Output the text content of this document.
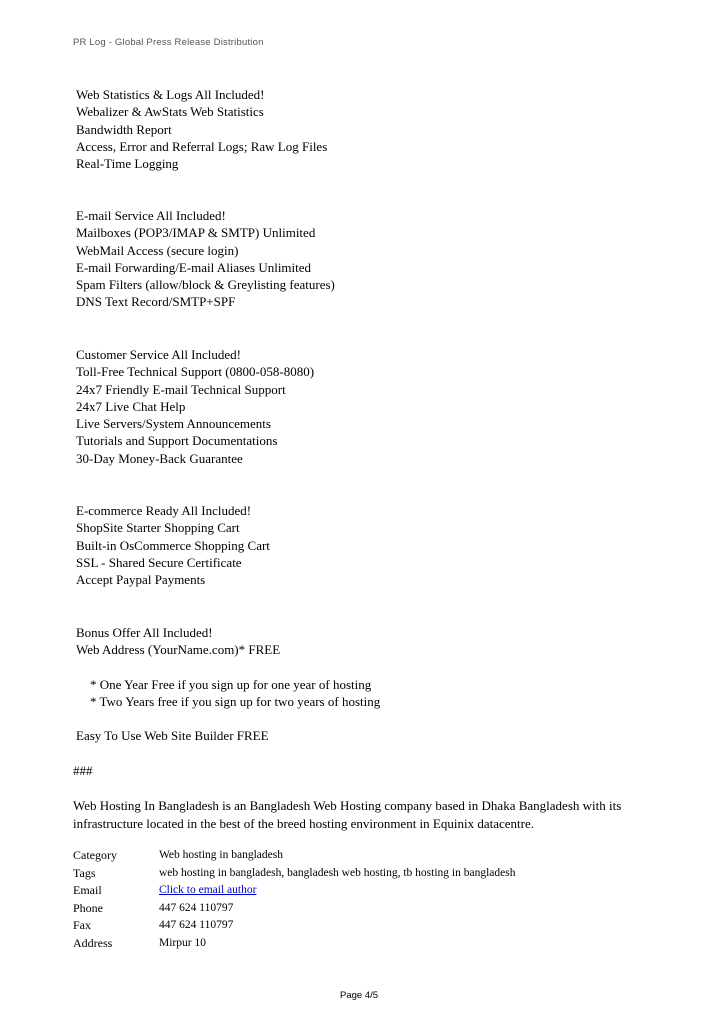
PR Log - Global Press Release Distribution
Web Statistics & Logs All Included!
Webalizer & AwStats Web Statistics
Bandwidth Report
Access, Error and Referral Logs; Raw Log Files
Real-Time Logging
E-mail Service All Included!
Mailboxes (POP3/IMAP & SMTP) Unlimited
WebMail Access (secure login)
E-mail Forwarding/E-mail Aliases Unlimited
Spam Filters (allow/block & Greylisting features)
DNS Text Record/SMTP+SPF
Customer Service All Included!
Toll-Free Technical Support (0800-058-8080)
24x7 Friendly E-mail Technical Support
24x7 Live Chat Help
Live Servers/System Announcements
Tutorials and Support Documentations
30-Day Money-Back Guarantee
E-commerce Ready All Included!
ShopSite Starter Shopping Cart
Built-in OsCommerce Shopping Cart
SSL - Shared Secure Certificate
Accept Paypal Payments
Bonus Offer All Included!
Web Address (YourName.com)* FREE
* One Year Free if you sign up for one year of hosting
* Two Years free if you sign up for two years of hosting
Easy To Use Web Site Builder FREE
###
Web Hosting In Bangladesh is an Bangladesh Web Hosting company based in Dhaka Bangladesh with its infrastructure located in the best of the breed hosting environment in Equinix datacentre.
Category	Web hosting in bangladesh
Tags	web hosting in bangladesh, bangladesh web hosting, tb hosting in bangladesh
Email	Click to email author
Phone	447 624 110797
Fax	447 624 110797
Address	Mirpur 10
Page 4/5
